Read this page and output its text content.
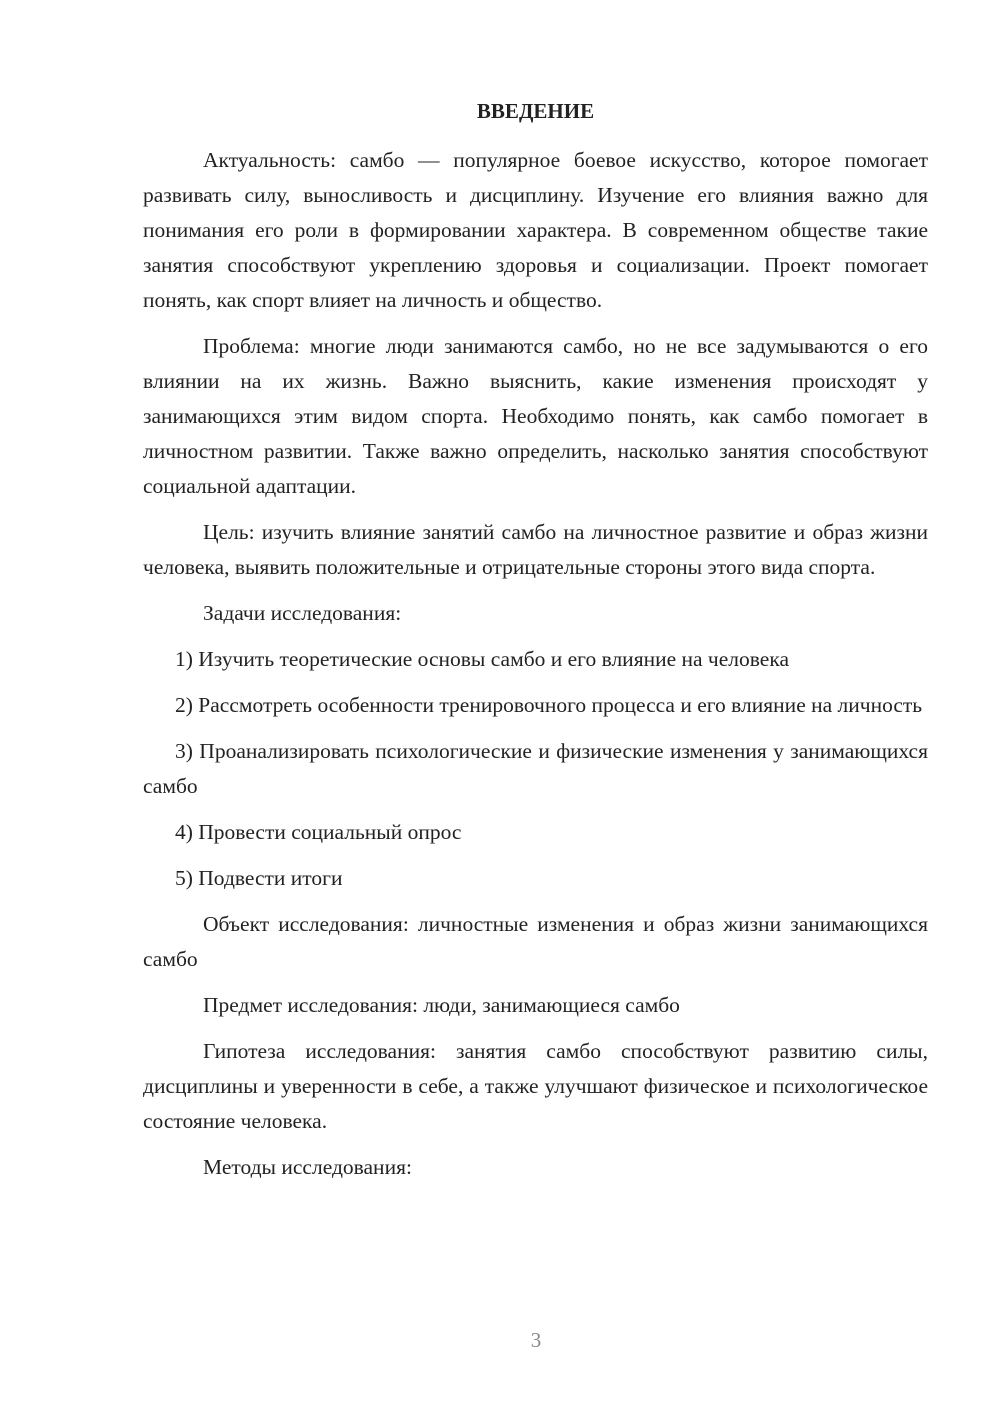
ВВЕДЕНИЕ

Актуальность: самбо — популярное боевое искусство, которое помогает развивать силу, выносливость и дисциплину. Изучение его влияния важно для понимания его роли в формировании характера. В современном обществе такие занятия способствуют укреплению здоровья и социализации. Проект помогает понять, как спорт влияет на личность и общество.

Проблема: многие люди занимаются самбо, но не все задумываются о его влиянии на их жизнь. Важно выяснить, какие изменения происходят у занимающихся этим видом спорта. Необходимо понять, как самбо помогает в личностном развитии. Также важно определить, насколько занятия способствуют социальной адаптации.

Цель: изучить влияние занятий самбо на личностное развитие и образ жизни человека, выявить положительные и отрицательные стороны этого вида спорта.

Задачи исследования:

1) Изучить теоретические основы самбо и его влияние на человека

2) Рассмотреть особенности тренировочного процесса и его влияние на личность

3) Проанализировать психологические и физические изменения у занимающихся самбо

4) Провести социальный опрос

5) Подвести итоги

Объект исследования: личностные изменения и образ жизни занимающихся самбо

Предмет исследования: люди, занимающиеся самбо

Гипотеза исследования: занятия самбо способствуют развитию силы, дисциплины и уверенности в себе, а также улучшают физическое и психологическое состояние человека.

Методы исследования:

3
